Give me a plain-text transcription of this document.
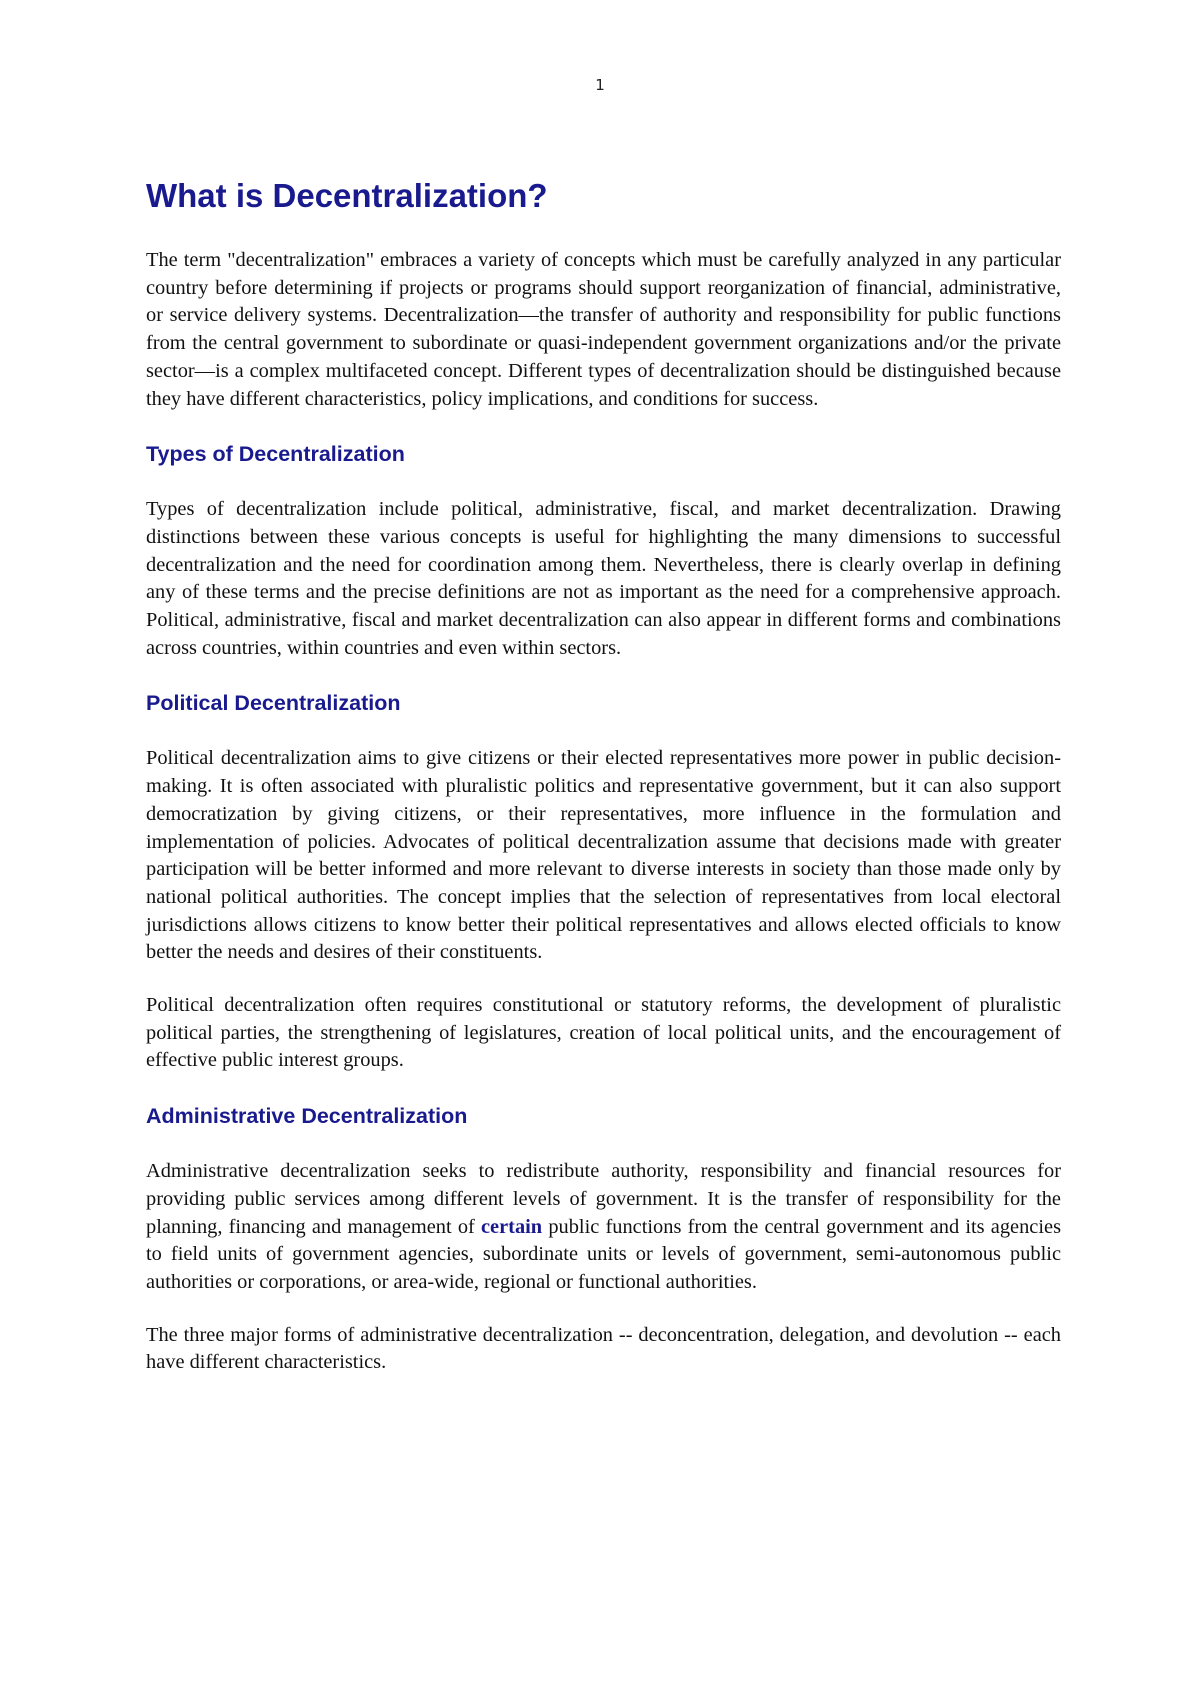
1
What is Decentralization?

The term "decentralization" embraces a variety of concepts which must be carefully analyzed in any particular country before determining if projects or programs should support reorganization of financial, administrative, or service delivery systems. Decentralization—the transfer of authority and responsibility for public functions from the central government to subordinate or quasi-independent government organizations and/or the private sector—is a complex multifaceted concept. Different types of decentralization should be distinguished because they have different characteristics, policy implications, and conditions for success.

Types of Decentralization

Types of decentralization include political, administrative, fiscal, and market decentralization. Drawing distinctions between these various concepts is useful for highlighting the many dimensions to successful decentralization and the need for coordination among them. Nevertheless, there is clearly overlap in defining any of these terms and the precise definitions are not as important as the need for a comprehensive approach. Political, administrative, fiscal and market decentralization can also appear in different forms and combinations across countries, within countries and even within sectors.

Political Decentralization

Political decentralization aims to give citizens or their elected representatives more power in public decision-making. It is often associated with pluralistic politics and representative government, but it can also support democratization by giving citizens, or their representatives, more influence in the formulation and implementation of policies. Advocates of political decentralization assume that decisions made with greater participation will be better informed and more relevant to diverse interests in society than those made only by national political authorities. The concept implies that the selection of representatives from local electoral jurisdictions allows citizens to know better their political representatives and allows elected officials to know better the needs and desires of their constituents.

Political decentralization often requires constitutional or statutory reforms, the development of pluralistic political parties, the strengthening of legislatures, creation of local political units, and the encouragement of effective public interest groups.

Administrative Decentralization

Administrative decentralization seeks to redistribute authority, responsibility and financial resources for providing public services among different levels of government. It is the transfer of responsibility for the planning, financing and management of certain public functions from the central government and its agencies to field units of government agencies, subordinate units or levels of government, semi-autonomous public authorities or corporations, or area-wide, regional or functional authorities.

The three major forms of administrative decentralization -- deconcentration, delegation, and devolution -- each have different characteristics.
